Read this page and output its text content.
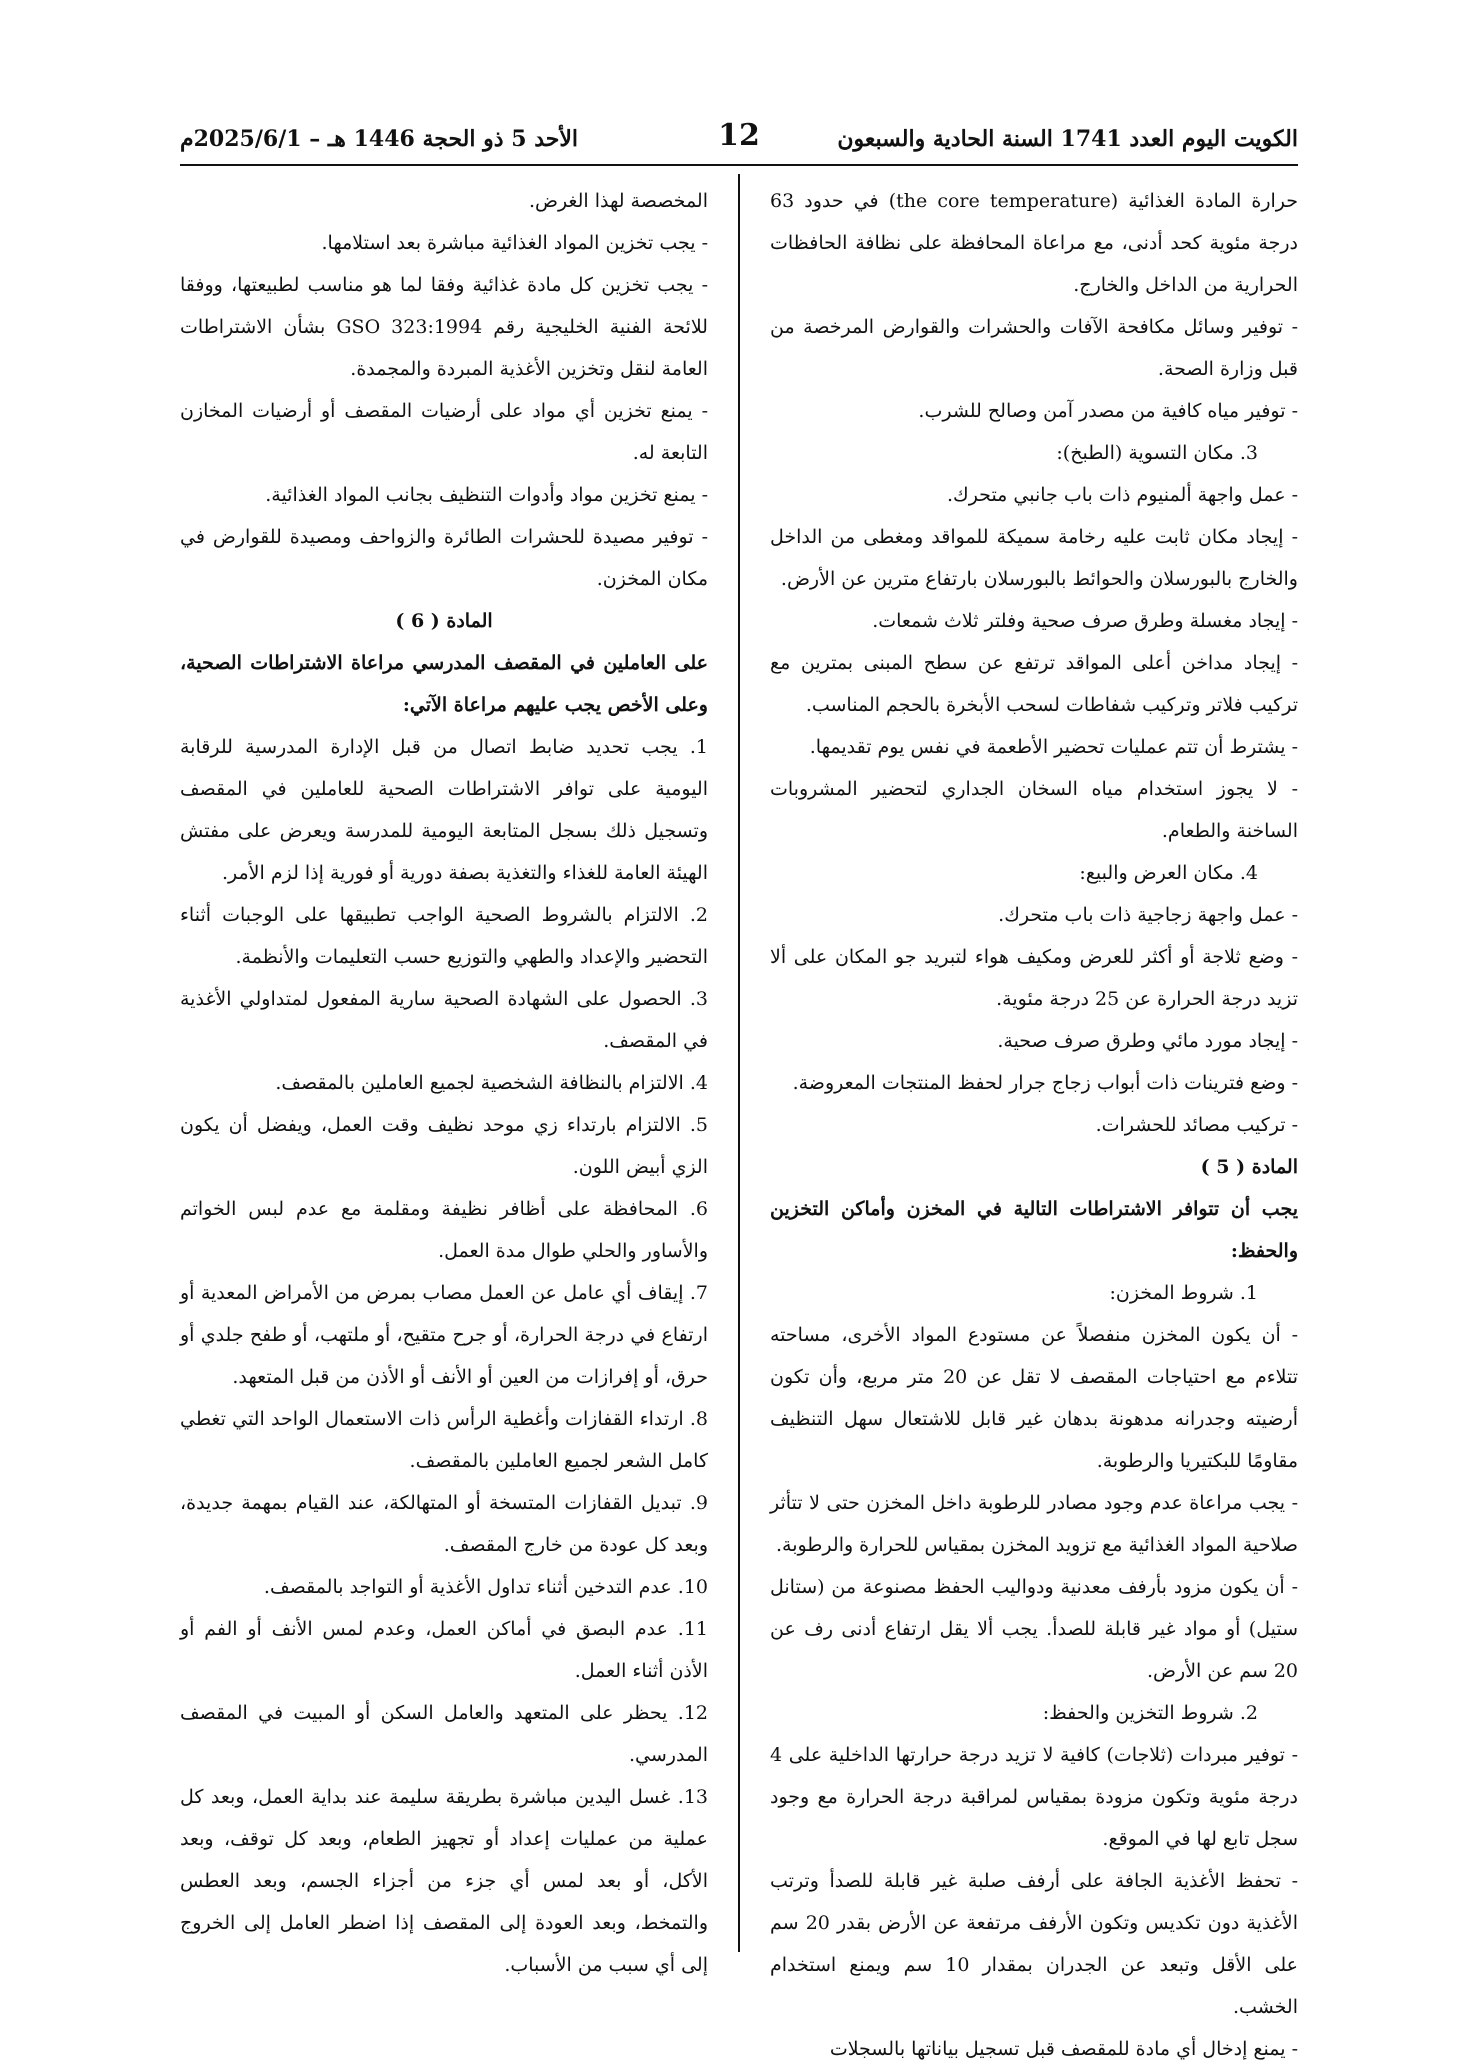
الكويت اليوم العدد 1741 السنة الحادية والسبعون
12
الأحد 5 ذو الحجة 1446 هـ – 2025/6/1م

حرارة المادة الغذائية (the core temperature) في حدود 63 درجة مئوية كحد أدنى، مع مراعاة المحافظة على نظافة الحافظات الحرارية من الداخل والخارج.

- توفير وسائل مكافحة الآفات والحشرات والقوارض المرخصة من قبل وزارة الصحة.

- توفير مياه كافية من مصدر آمن وصالح للشرب.

3. مكان التسوية (الطبخ):

- عمل واجهة ألمنيوم ذات باب جانبي متحرك.

- إيجاد مكان ثابت عليه رخامة سميكة للمواقد ومغطى من الداخل والخارج بالبورسلان والحوائط بالبورسلان بارتفاع مترين عن الأرض.

- إيجاد مغسلة وطرق صرف صحية وفلتر ثلاث شمعات.

- إيجاد مداخن أعلى المواقد ترتفع عن سطح المبنى بمترين مع تركيب فلاتر وتركيب شفاطات لسحب الأبخرة بالحجم المناسب.

- يشترط أن تتم عمليات تحضير الأطعمة في نفس يوم تقديمها.

- لا يجوز استخدام مياه السخان الجداري لتحضير المشروبات الساخنة والطعام.

4. مكان العرض والبيع:

- عمل واجهة زجاجية ذات باب متحرك.

- وضع ثلاجة أو أكثر للعرض ومكيف هواء لتبريد جو المكان على ألا تزيد درجة الحرارة عن 25 درجة مئوية.

- إيجاد مورد مائي وطرق صرف صحية.

- وضع فترينات ذات أبواب زجاج جرار لحفظ المنتجات المعروضة.

- تركيب مصائد للحشرات.

المادة ( 5 )

يجب أن تتوافر الاشتراطات التالية في المخزن وأماكن التخزين والحفظ:

1. شروط المخزن:

- أن يكون المخزن منفصلاً عن مستودع المواد الأخرى، مساحته تتلاءم مع احتياجات المقصف لا تقل عن 20 متر مربع، وأن تكون أرضيته وجدرانه مدهونة بدهان غير قابل للاشتعال سهل التنظيف مقاومًا للبكتيريا والرطوبة.

- يجب مراعاة عدم وجود مصادر للرطوبة داخل المخزن حتى لا تتأثر صلاحية المواد الغذائية مع تزويد المخزن بمقياس للحرارة والرطوبة.

- أن يكون مزود بأرفف معدنية ودواليب الحفظ مصنوعة من (ستانل ستيل) أو مواد غير قابلة للصدأ. يجب ألا يقل ارتفاع أدنى رف عن 20 سم عن الأرض.

2. شروط التخزين والحفظ:

- توفير مبردات (ثلاجات) كافية لا تزيد درجة حرارتها الداخلية على 4 درجة مئوية وتكون مزودة بمقياس لمراقبة درجة الحرارة مع وجود سجل تابع لها في الموقع.

- تحفظ الأغذية الجافة على أرفف صلبة غير قابلة للصدأ وترتب الأغذية دون تكديس وتكون الأرفف مرتفعة عن الأرض بقدر 20 سم على الأقل وتبعد عن الجدران بمقدار 10 سم ويمنع استخدام الخشب.

- يمنع إدخال أي مادة للمقصف قبل تسجيل بياناتها بالسجلات

المخصصة لهذا الغرض.

- يجب تخزين المواد الغذائية مباشرة بعد استلامها.

- يجب تخزين كل مادة غذائية وفقا لما هو مناسب لطبيعتها، ووفقا للائحة الفنية الخليجية رقم GSO 323:1994 بشأن الاشتراطات العامة لنقل وتخزين الأغذية المبردة والمجمدة.

- يمنع تخزين أي مواد على أرضيات المقصف أو أرضيات المخازن التابعة له.

- يمنع تخزين مواد وأدوات التنظيف بجانب المواد الغذائية.

- توفير مصيدة للحشرات الطائرة والزواحف ومصيدة للقوارض في مكان المخزن.

المادة ( 6 )

على العاملين في المقصف المدرسي مراعاة الاشتراطات الصحية، وعلى الأخص يجب عليهم مراعاة الآتي:

1. يجب تحديد ضابط اتصال من قبل الإدارة المدرسية للرقابة اليومية على توافر الاشتراطات الصحية للعاملين في المقصف وتسجيل ذلك بسجل المتابعة اليومية للمدرسة ويعرض على مفتش الهيئة العامة للغذاء والتغذية بصفة دورية أو فورية إذا لزم الأمر.

2. الالتزام بالشروط الصحية الواجب تطبيقها على الوجبات أثناء التحضير والإعداد والطهي والتوزيع حسب التعليمات والأنظمة.

3. الحصول على الشهادة الصحية سارية المفعول لمتداولي الأغذية في المقصف.

4. الالتزام بالنظافة الشخصية لجميع العاملين بالمقصف.

5. الالتزام بارتداء زي موحد نظيف وقت العمل، ويفضل أن يكون الزي أبيض اللون.

6. المحافظة على أظافر نظيفة ومقلمة مع عدم لبس الخواتم والأساور والحلي طوال مدة العمل.

7. إيقاف أي عامل عن العمل مصاب بمرض من الأمراض المعدية أو ارتفاع في درجة الحرارة، أو جرح متقيح، أو ملتهب، أو طفح جلدي أو حرق، أو إفرازات من العين أو الأنف أو الأذن من قبل المتعهد.

8. ارتداء القفازات وأغطية الرأس ذات الاستعمال الواحد التي تغطي كامل الشعر لجميع العاملين بالمقصف.

9. تبديل القفازات المتسخة أو المتهالكة، عند القيام بمهمة جديدة، وبعد كل عودة من خارج المقصف.

10. عدم التدخين أثناء تداول الأغذية أو التواجد بالمقصف.

11. عدم البصق في أماكن العمل، وعدم لمس الأنف أو الفم أو الأذن أثناء العمل.

12. يحظر على المتعهد والعامل السكن أو المبيت في المقصف المدرسي.

13. غسل اليدين مباشرة بطريقة سليمة عند بداية العمل، وبعد كل عملية من عمليات إعداد أو تجهيز الطعام، وبعد كل توقف، وبعد الأكل، أو بعد لمس أي جزء من أجزاء الجسم، وبعد العطس والتمخط، وبعد العودة إلى المقصف إذا اضطر العامل إلى الخروج إلى أي سبب من الأسباب.
